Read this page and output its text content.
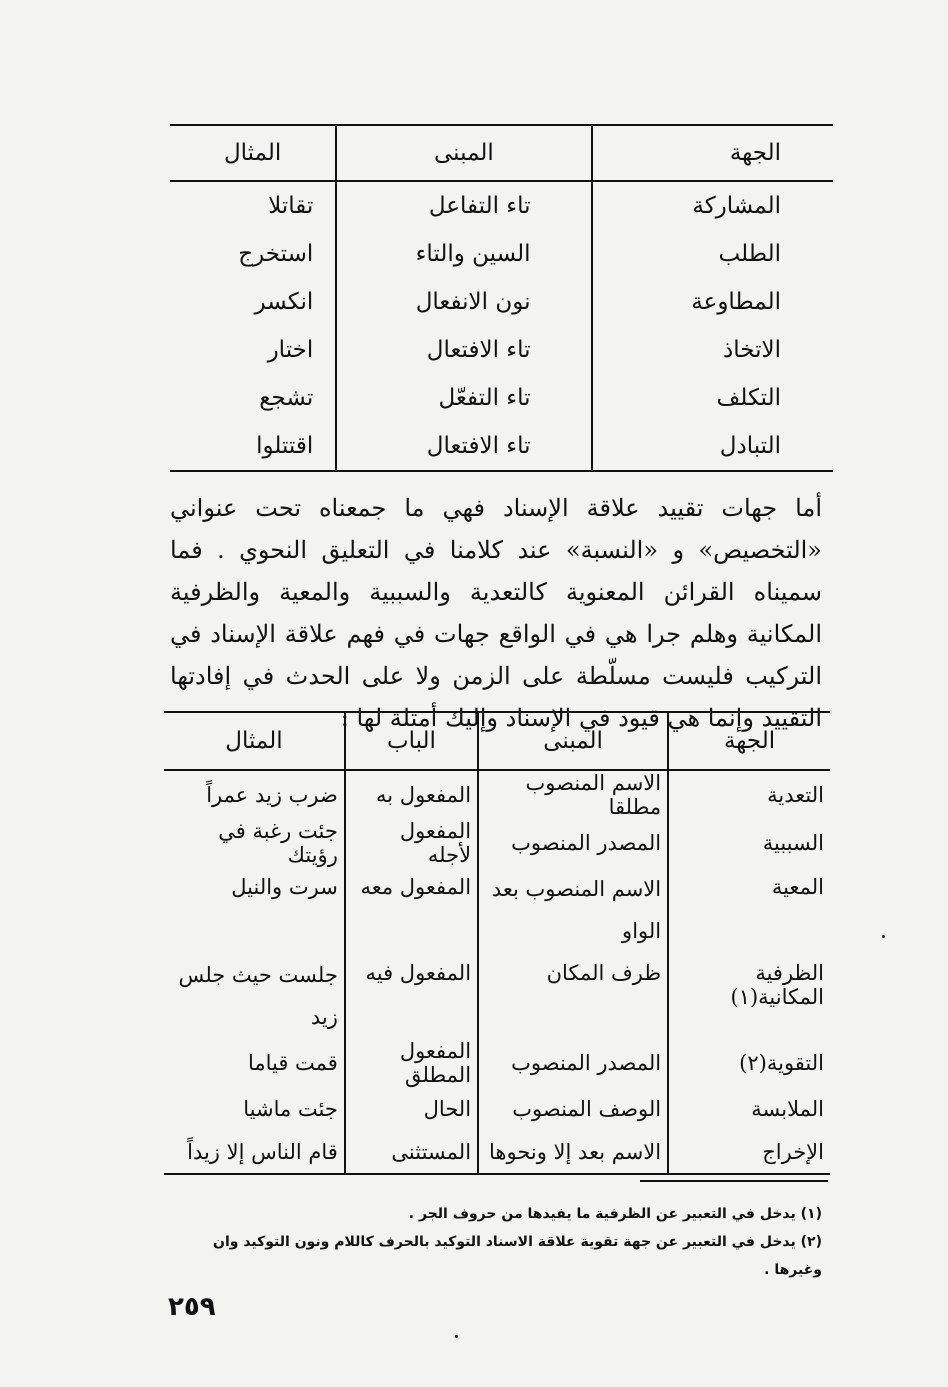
الجهة	المبنى	المثال
المشاركة	تاء التفاعل	تقاتلا
الطلب	السين والتاء	استخرج
المطاوعة	نون الانفعال	انكسر
الاتخاذ	تاء الافتعال	اختار
التكلف	تاء التفعّل	تشجع
التبادل	تاء الافتعال	اقتتلوا
أما جهات تقييد علاقة الإسناد فهي ما جمعناه تحت عنواني «التخصيص» و «النسبة» عند كلامنا في التعليق النحوي . فما سميناه القرائن المعنوية كالتعدية والسببية والمعية والظرفية المكانية وهلم جرا هي في الواقع جهات في فهم علاقة الإسناد في التركيب فليست مسلّطة على الزمن ولا على الحدث في إفادتها التقييد وإنما هي قيود في الإسناد وإليك أمثلة لها :
الجهة	المبنى	الباب	المثال
التعدية	الاسم المنصوب مطلقا	المفعول به	ضرب زيد عمراً
السببية	المصدر المنصوب	المفعول لأجله	جئت رغبة في رؤيتك
المعية	الاسم المنصوب بعد الواو	المفعول معه	سرت والنيل
الظرفية المكانية(١)	ظرف المكان	المفعول فيه	جلست حيث جلس زيد
التقوية(٢)	المصدر المنصوب	المفعول المطلق	قمت قياما
الملابسة	الوصف المنصوب	الحال	جئت ماشيا
الإخراج	الاسم بعد إلا ونحوها	المستثنى	قام الناس إلا زيداً

(١) يدخل في التعبير عن الظرفية ما يفيدها من حروف الجر .

(٢) يدخل في التعبير عن جهة تقوية علاقة الاسناد التوكيد بالحرف كاللام ونون التوكيد وان وغيرها .

٢٥٩
